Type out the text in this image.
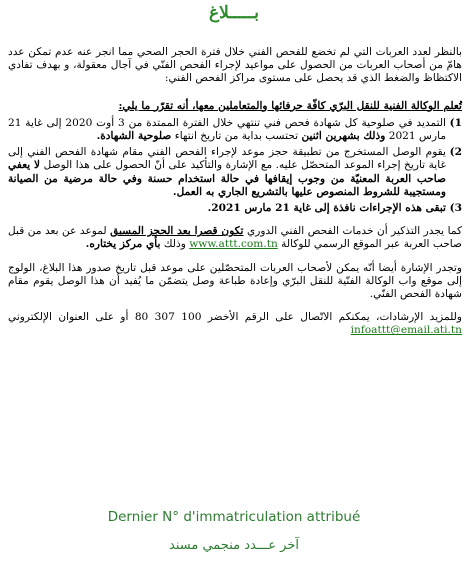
بـــــلاغ

بالنظر لعدد العربات التي لم تخضع للفحص الفني خلال فترة الحجر الصحي مما انجر عنه عدم تمكن عدد هامّ من أصحاب العربات من الحصول على مواعيد لإجراء الفحص الفنّي في آجال معقولة، و بهدف تفادي الاكتظاظ والضغط الذي قد يحصل على مستوى مراكز الفحص الفني:

تُعلم الوكالة الفنية للنقل البرّي كافّة حرفائها والمتعاملين معها، أنه تقرّر ما يلي:

1)
التمديد في صلوحية كل شهادة فحص فني تنتهي خلال الفترة الممتدة من 3 أوت 2020 إلى غاية 21 مارس 2021 وذلك بشهرين اثنين تحتسب بداية من تاريخ انتهاء صلوحية الشهادة.

2)
يقوم الوصل المستخرج من تطبيقة حجز موعد لإجراء الفحص الفني مقام شهادة الفحص الفني إلى غاية تاريخ إجراء الموعد المتحصّل عليه. مع الإشارة والتأكيد على أنّ الحصول على هذا الوصل لا يعفي صاحب العربة المعنيّة من وجوب إيقافها في حالة استخدام حسنة وفي حالة مرضية من الصيانة ومستجيبة للشروط المنصوص عليها بالتشريع الجاري به العمل.

3)
تبقى هذه الإجراءات نافذة إلى غاية 21 مارس 2021.

كما يجدر التذكير أن خدمات الفحص الفني الدوري تكون قصرا بعد الحجز المسبق لموعد عن بعد من قبل صاحب العربة عبر الموقع الرسمي للوكالة www.attt.com.tn وذلك بأي مركز يختاره.

وتجدر الإشارة أيضا أنّه يمكن لأصحاب العربات المتحصّلين على موعد قبل تاريخ صدور هذا البلاغ، الولوج إلى موقع واب الوكالة الفنّية للنقل البرّي وإعادة طباعة وصل يتضمّن ما يُفيد أن هذا الوصل يقوم مقام شهادة الفحص الفنّي.

وللمزيد الإرشادات، يمكنكم الاتّصال على الرقم الأخضر 100 307 80 أو على العنوان الإلكتروني infoattt@email.ati.tn

Dernier N° d'immatriculation attribué
آخر عـــدد منجمي مسند
